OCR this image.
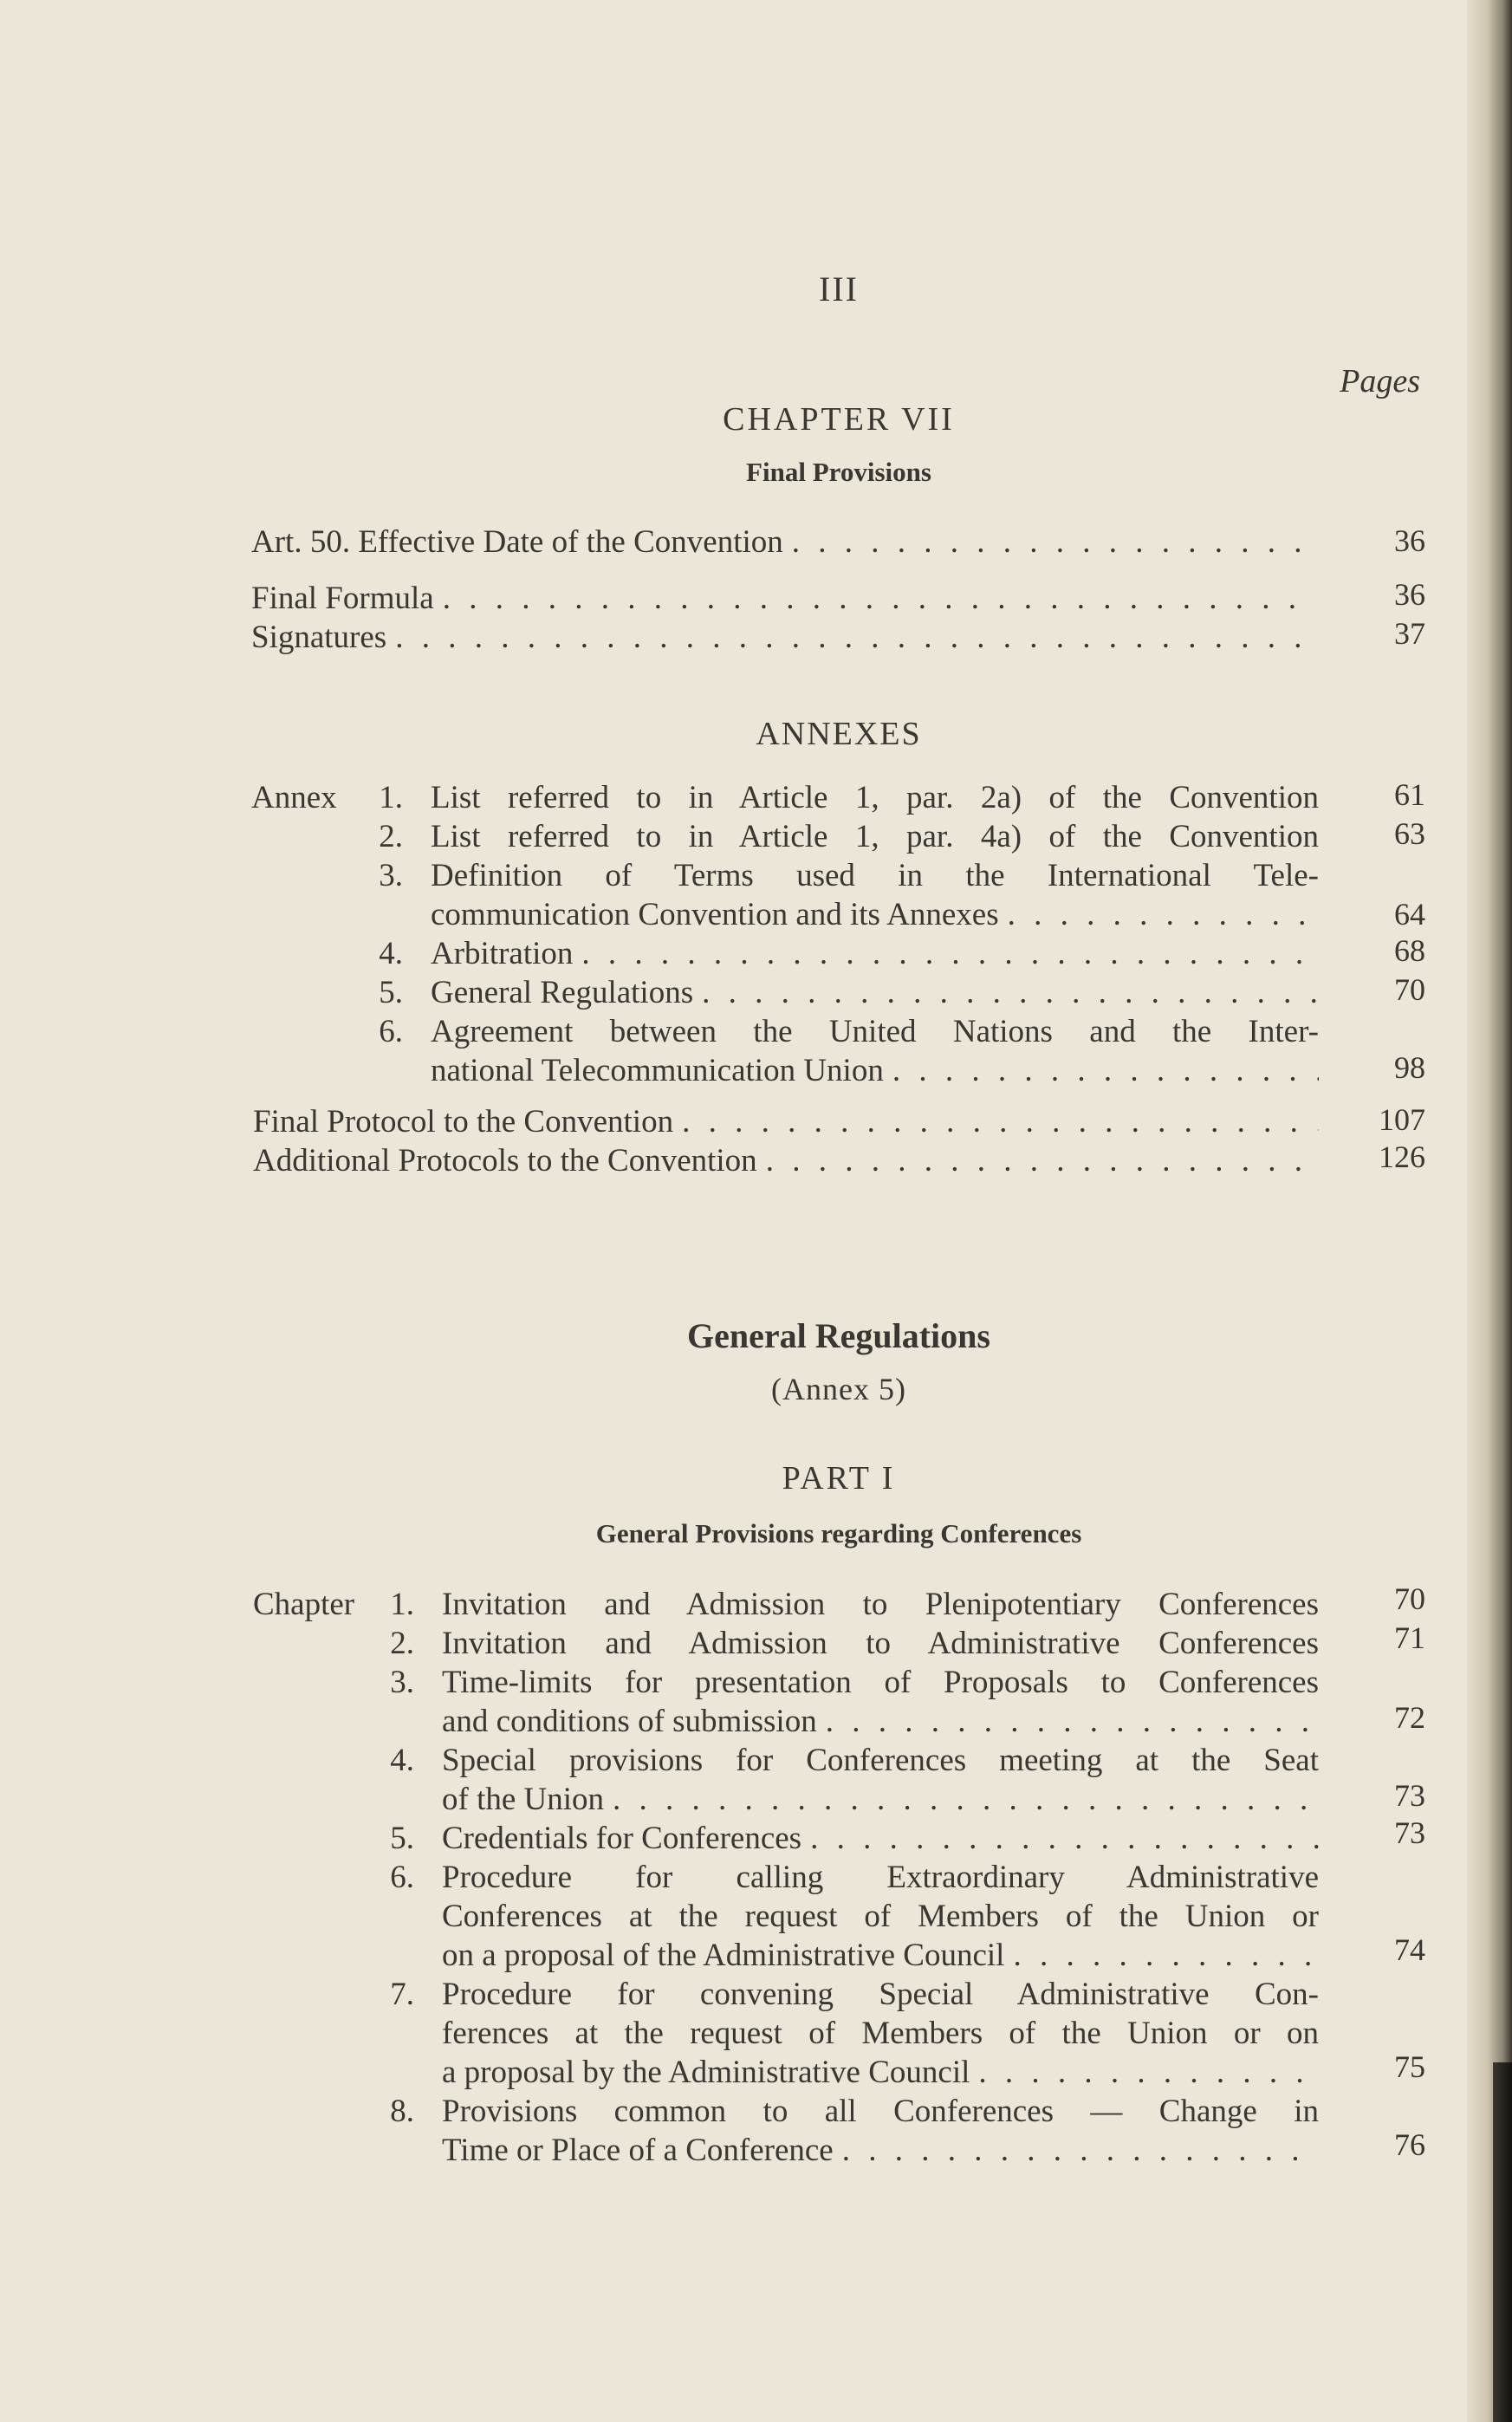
III
Pages
CHAPTER VII
Final Provisions
Art. 50. Effective Date of the Convention . . .	36
Final Formula . . .	36
Signatures . . .	37
ANNEXES
Annex	1. List referred to in Article 1, par. 2a) of the Convention	61
2. List referred to in Article 1, par. 4a) of the Convention	63
3. Definition of Terms used in the International Tele-
communication Convention and its Annexes . . .	64
4. Arbitration . . .	68
5. General Regulations . . .	70
6. Agreement between the United Nations and the Inter-
national Telecommunication Union . . .	98
Final Protocol to the Convention . . .	107
Additional Protocols to the Convention . . .	126
General Regulations
(Annex 5)
PART I
General Provisions regarding Conferences
Chapter	1. Invitation and Admission to Plenipotentiary Conferences	70
2. Invitation and Admission to Administrative Conferences	71
3. Time-limits for presentation of Proposals to Conferences
and conditions of submission . . .	72
4. Special provisions for Conferences meeting at the Seat
of the Union . . .	73
5. Credentials for Conferences . . .	73
6. Procedure for calling Extraordinary Administrative
Conferences at the request of Members of the Union or
on a proposal of the Administrative Council . . .	74
7. Procedure for convening Special Administrative Con-
ferences at the request of Members of the Union or on
a proposal by the Administrative Council . . .	75
8. Provisions common to all Conferences — Change in
Time or Place of a Conference . . .	76
